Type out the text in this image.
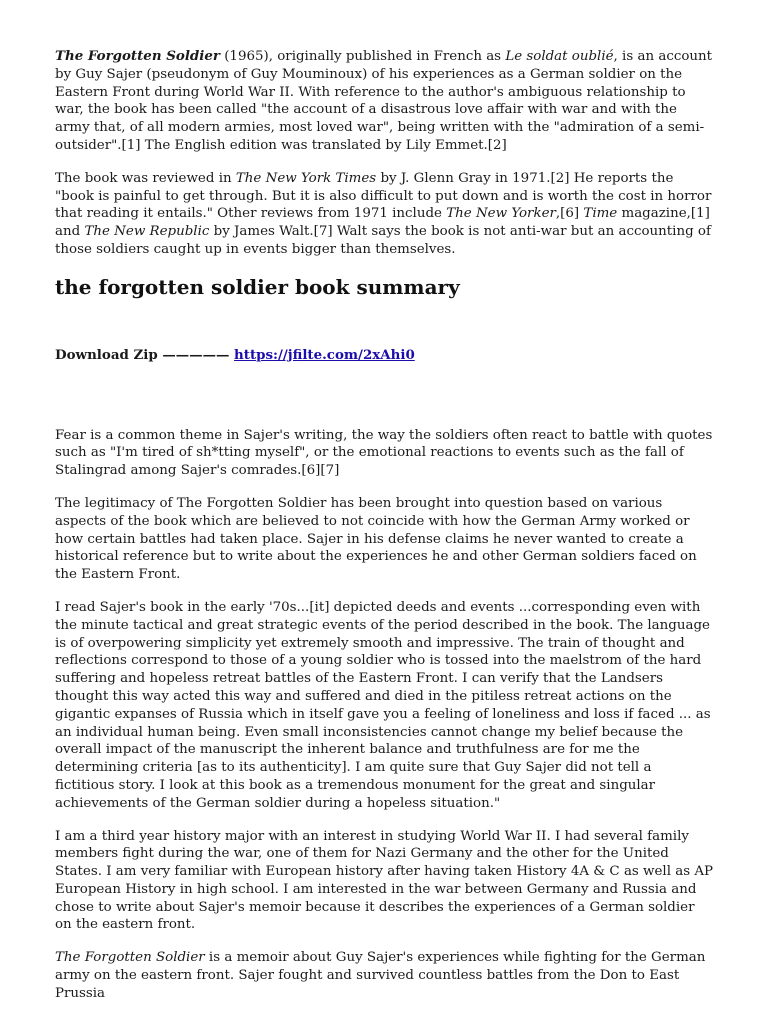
The Forgotten Soldier (1965), originally published in French as Le soldat oublié, is an account by Guy Sajer (pseudonym of Guy Mouminoux) of his experiences as a German soldier on the Eastern Front during World War II. With reference to the author's ambiguous relationship to war, the book has been called "the account of a disastrous love affair with war and with the army that, of all modern armies, most loved war", being written with the "admiration of a semi-outsider".[1] The English edition was translated by Lily Emmet.[2]

The book was reviewed in The New York Times by J. Glenn Gray in 1971.[2] He reports the "book is painful to get through. But it is also difficult to put down and is worth the cost in horror that reading it entails." Other reviews from 1971 include The New Yorker,[6] Time magazine,[1] and The New Republic by James Walt.[7] Walt says the book is not anti-war but an accounting of those soldiers caught up in events bigger than themselves.

the forgotten soldier book summary

Download Zip ————— https://jfilte.com/2xAhi0

Fear is a common theme in Sajer's writing, the way the soldiers often react to battle with quotes such as "I'm tired of sh*tting myself", or the emotional reactions to events such as the fall of Stalingrad among Sajer's comrades.[6][7]

The legitimacy of The Forgotten Soldier has been brought into question based on various aspects of the book which are believed to not coincide with how the German Army worked or how certain battles had taken place. Sajer in his defense claims he never wanted to create a historical reference but to write about the experiences he and other German soldiers faced on the Eastern Front.

I read Sajer's book in the early '70s...[it] depicted deeds and events ...corresponding even with the minute tactical and great strategic events of the period described in the book. The language is of overpowering simplicity yet extremely smooth and impressive. The train of thought and reflections correspond to those of a young soldier who is tossed into the maelstrom of the hard suffering and hopeless retreat battles of the Eastern Front. I can verify that the Landsers thought this way acted this way and suffered and died in the pitiless retreat actions on the gigantic expanses of Russia which in itself gave you a feeling of loneliness and loss if faced ... as an individual human being. Even small inconsistencies cannot change my belief because the overall impact of the manuscript the inherent balance and truthfulness are for me the determining criteria [as to its authenticity]. I am quite sure that Guy Sajer did not tell a fictitious story. I look at this book as a tremendous monument for the great and singular achievements of the German soldier during a hopeless situation."

I am a third year history major with an interest in studying World War II. I had several family members fight during the war, one of them for Nazi Germany and the other for the United States. I am very familiar with European history after having taken History 4A & C as well as AP European History in high school. I am interested in the war between Germany and Russia and chose to write about Sajer's memoir because it describes the experiences of a German soldier on the eastern front.

The Forgotten Soldier is a memoir about Guy Sajer's experiences while fighting for the German army on the eastern front. Sajer fought and survived countless battles from the Don to East Prussia
